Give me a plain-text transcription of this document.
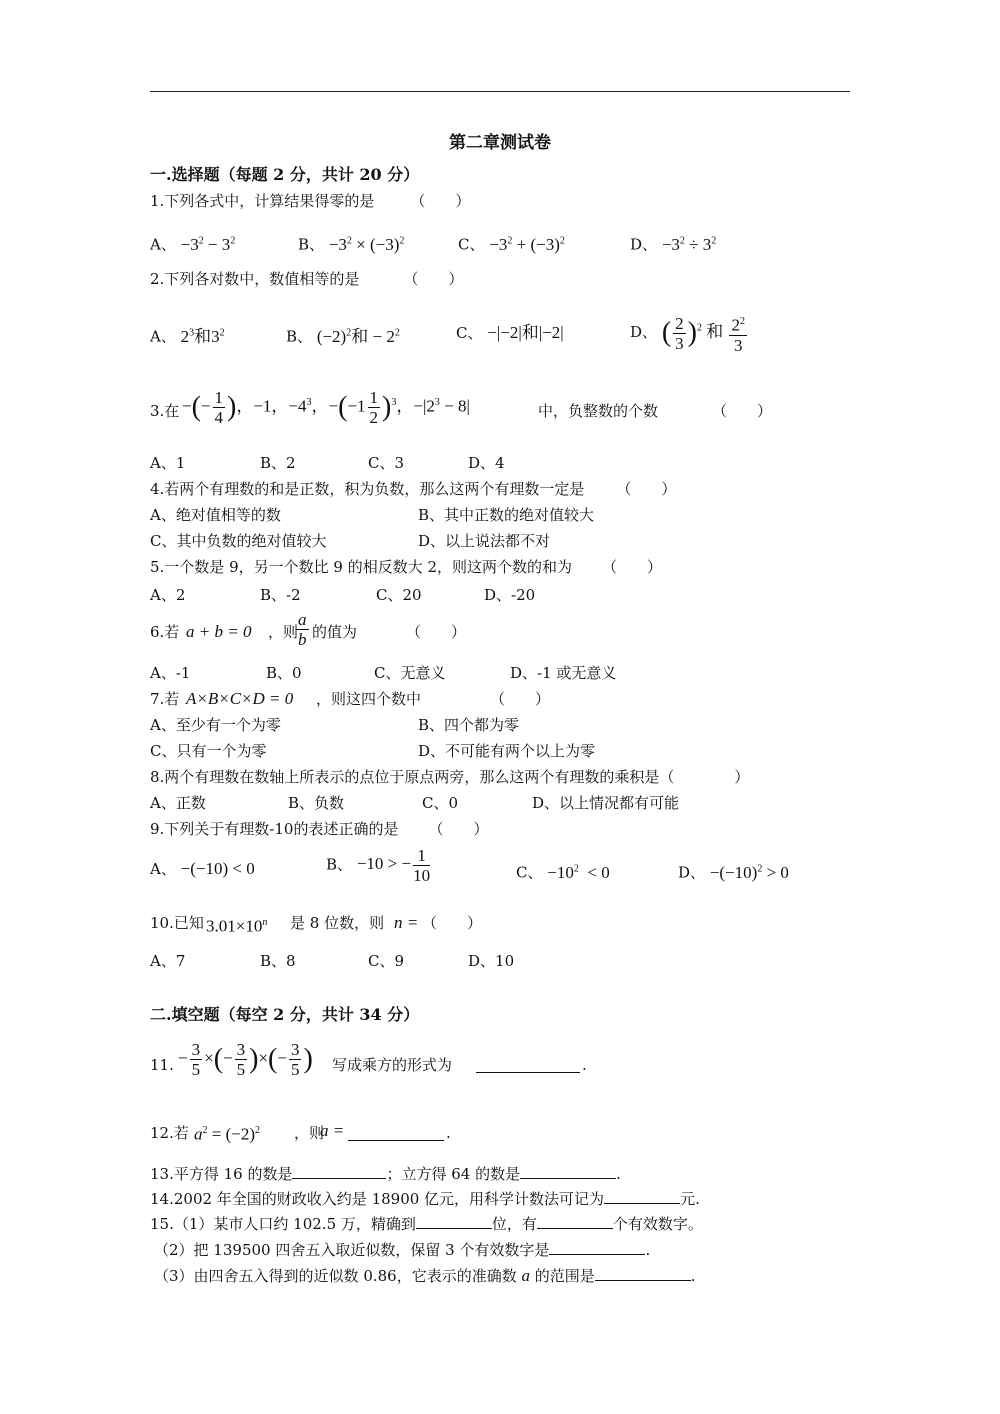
第二章测试卷
一.选择题（每题 2 分，共计 20 分）
1.下列各式中，计算结果得零的是 （　　）
A、 $-3^2 - 3^2$	B、 $-3^2 \times (-3)^2$	C、 $-3^2 + (-3)^2$	D、 $-3^2 \div 3^2$
2.下列各对数中，数值相等的是	（　　）
A、 $2^3$和$3^2$	B、 $(-2)^2$和 − $2^2$	C、 −|−2|和|−2|	D、 ( $\frac{2}{3} )^2$ 和 $\frac{2^2}{3}$
3.在 −(− $\frac{1}{4}$ )，−1，$-4^3$，$-(-1 \frac{1}{2} )^3$，$-|2^3 - 8|$	中，负整数的个数	（　　）
A、1	B、2	C、3	D、4
4.若两个有理数的和是正数，积为负数，那么这两个有理数一定是 （　　）
A、绝对值相等的数	B、其中正数的绝对值较大
C、其中负数的绝对值较大	D、以上说法都不对
5.一个数是 9，另一个数比 9 的相反数大 2，则这两个数的和为 （　　）
A、2	B、-2	C、20	D、-20
6.若 a + b = 0 ，则
$\frac{a}{b}$ 的值为	（　　）
A、-1	B、0	C、无意义	D、-1 或无意义
7.若 A×B×C×D = 0 ，则这四个数中	（　　）
A、至少有一个为零	B、四个都为零
C、只有一个为零	D、不可能有两个以上为零
8.两个有理数在数轴上所表示的点位于原点两旁，那么这两个有理数的乘积是（　　　　）
A、正数	B、负数	C、0	D、以上情况都有可能
9.下列关于有理数-10的表述正确的是 （　　）
A、 −(−10) < 0	B、 −10 > − $\frac{1}{10}$	C、 $-10^2 < 0$	D、 $-(-10)^2 > 0$
10.已知 $3.01\times 10^n$ 是 8 位数，则 n = （　　）
A、7	B、8	C、9	D、10
二.填空题（每空 2 分，共计 34 分）
11. − $\frac{3}{5}$ ×(− $\frac{3}{5}$ )×(− $\frac{3}{5}$ ) 写成乘方的形式为	.
12.若 $a^2 = (-2)^2$ ，则
a =	.
13.平方得 16 的数是	；立方得 64 的数是	.
14.2002 年全国的财政收入约是 18900 亿元，用科学计数法可记为	元.
15.（1）某市人口约 102.5 万，精确到	位，有	个有效数字。
（2）把 139500 四舍五入取近似数，保留 3 个有效数字是	.
（3）由四舍五入得到的近似数 0.86，它表示的准确数 a 的范围是	.
